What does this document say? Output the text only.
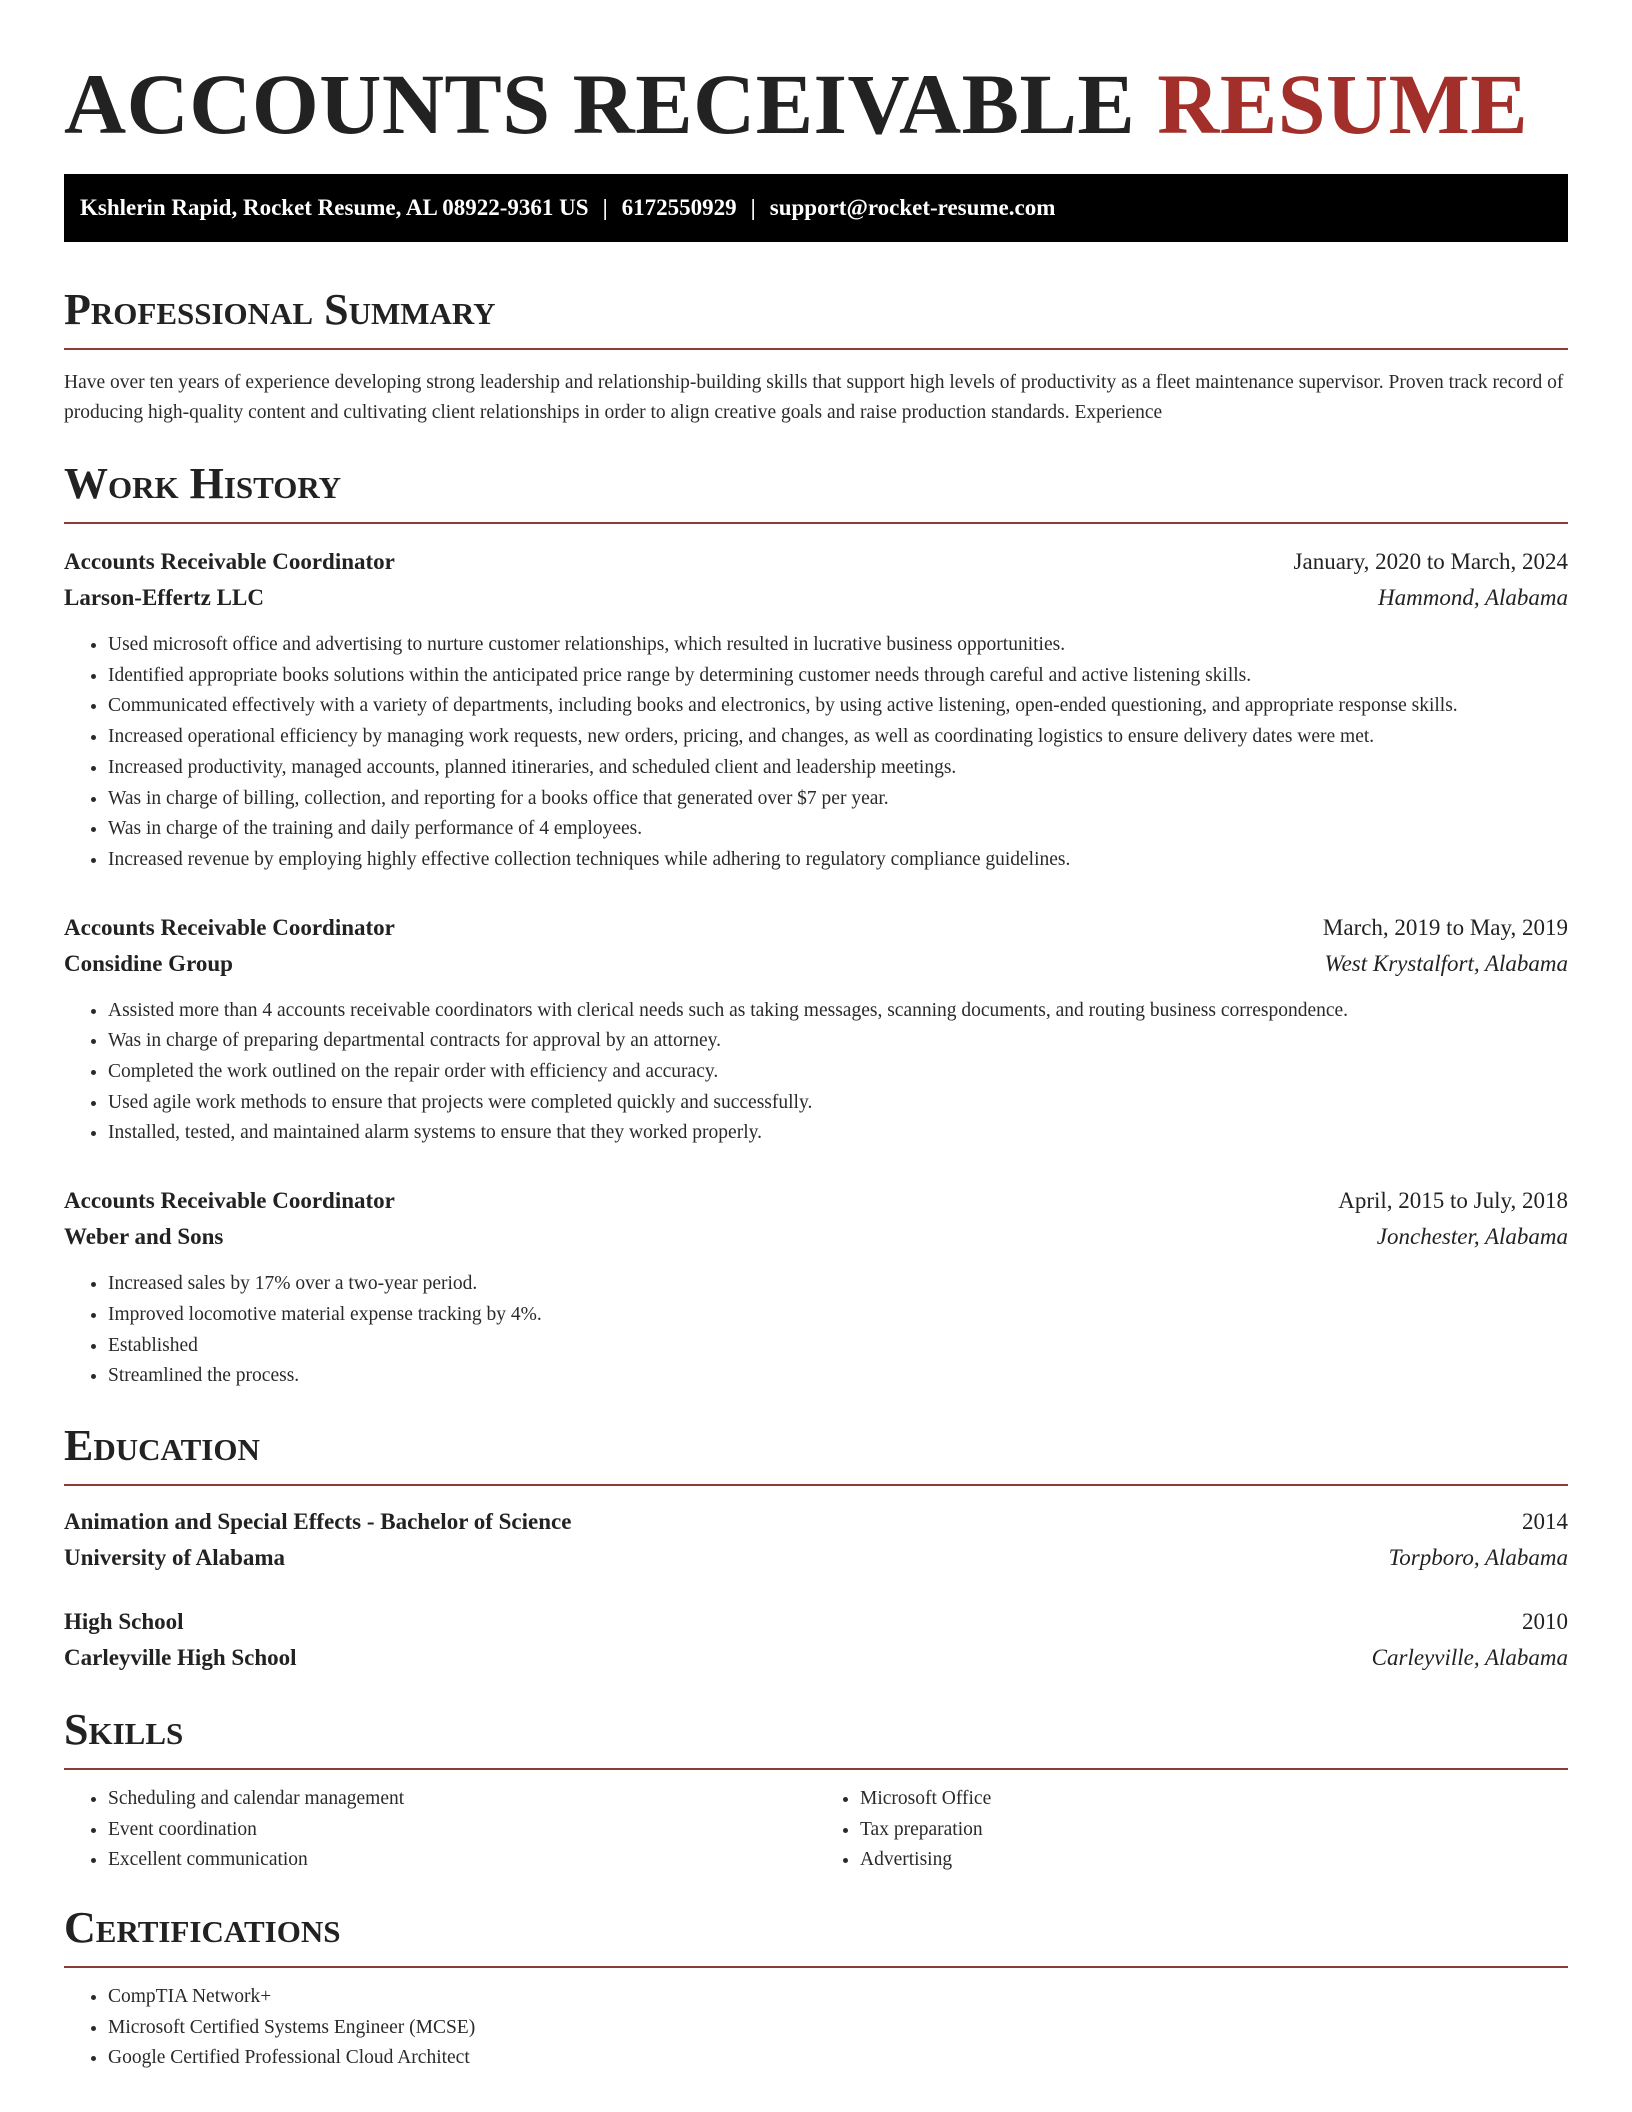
ACCOUNTS RECEIVABLE RESUME
Kshlerin Rapid, Rocket Resume, AL 08922-9361 US | 6172550929 | support@rocket-resume.com
Professional Summary

Have over ten years of experience developing strong leadership and relationship-building skills that support high levels of productivity as a fleet maintenance supervisor. Proven track record of producing high-quality content and cultivating client relationships in order to align creative goals and raise production standards. Experience

Work History
Accounts Receivable Coordinator	January, 2020 to March, 2024
Larson-Effertz LLC	Hammond, Alabama
• Used microsoft office and advertising to nurture customer relationships, which resulted in lucrative business opportunities.
• Identified appropriate books solutions within the anticipated price range by determining customer needs through careful and active listening skills.
• Communicated effectively with a variety of departments, including books and electronics, by using active listening, open-ended questioning, and appropriate response skills.
• Increased operational efficiency by managing work requests, new orders, pricing, and changes, as well as coordinating logistics to ensure delivery dates were met.
• Increased productivity, managed accounts, planned itineraries, and scheduled client and leadership meetings.
• Was in charge of billing, collection, and reporting for a books office that generated over $7 per year.
• Was in charge of the training and daily performance of 4 employees.
• Increased revenue by employing highly effective collection techniques while adhering to regulatory compliance guidelines.
Accounts Receivable Coordinator	March, 2019 to May, 2019
Considine Group	West Krystalfort, Alabama
• Assisted more than 4 accounts receivable coordinators with clerical needs such as taking messages, scanning documents, and routing business correspondence.
• Was in charge of preparing departmental contracts for approval by an attorney.
• Completed the work outlined on the repair order with efficiency and accuracy.
• Used agile work methods to ensure that projects were completed quickly and successfully.
• Installed, tested, and maintained alarm systems to ensure that they worked properly.
Accounts Receivable Coordinator	April, 2015 to July, 2018
Weber and Sons	Jonchester, Alabama
• Increased sales by 17% over a two-year period.
• Improved locomotive material expense tracking by 4%.
• Established
• Streamlined the process.
Education
Animation and Special Effects - Bachelor of Science	2014
University of Alabama	Torpboro, Alabama
High School	2010
Carleyville High School	Carleyville, Alabama
Skills
• Scheduling and calendar management
• Event coordination
• Excellent communication
• Microsoft Office
• Tax preparation
• Advertising
Certifications
• CompTIA Network+
• Microsoft Certified Systems Engineer (MCSE)
• Google Certified Professional Cloud Architect
